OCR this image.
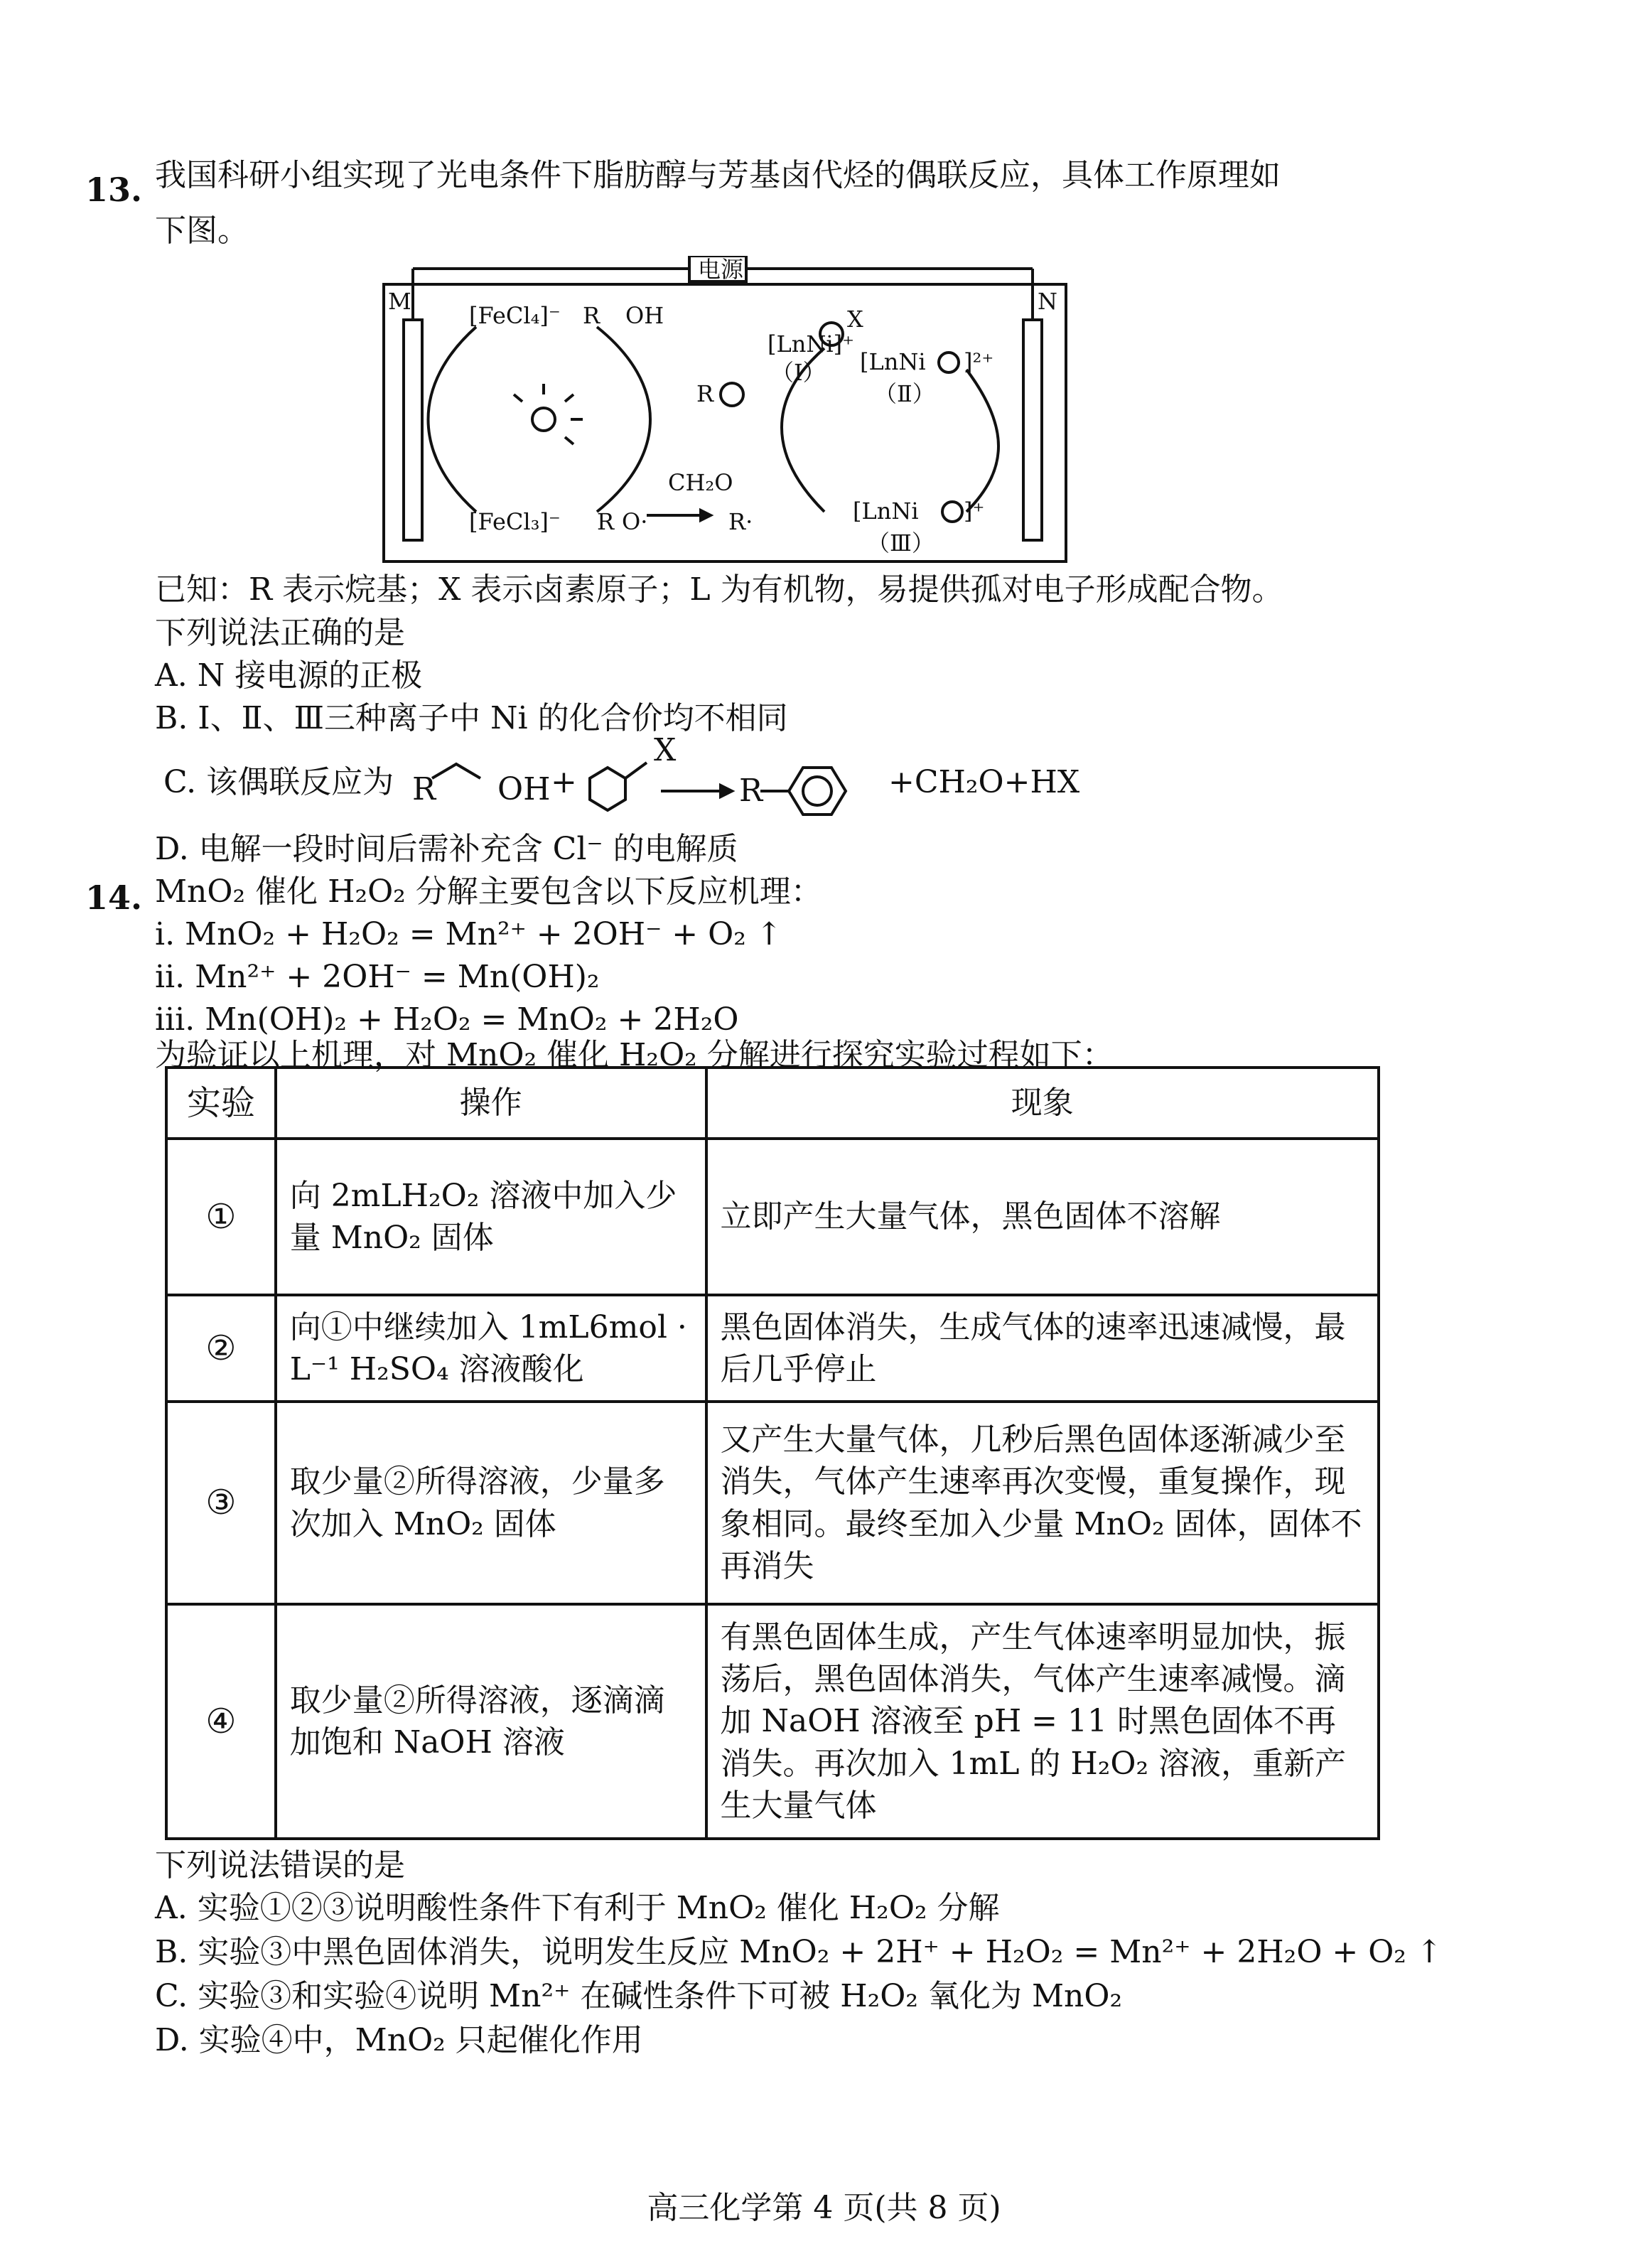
13. 我国科研小组实现了光电条件下脂肪醇与芳基卤代烃的偶联反应，具体工作原理如
下图。
电源
M	N
[FeCl₄]⁻ R OH
[FeCl₃]⁻ R O·
CH₂O
R·
R
[LnNi]⁺
（Ⅰ） [LnNi ]²⁺
（Ⅱ）
[LnNi ]⁺
（Ⅲ）
X
已知：R 表示烷基；X 表示卤素原子；L 为有机物，易提供孤对电子形成配合物。
下列说法正确的是
A. N 接电源的正极
B. Ⅰ、Ⅱ、Ⅲ三种离子中 Ni 的化合价均不相同
C. 该偶联反应为 R OH +
X
R	+CH₂O+HX
D. 电解一段时间后需补充含 Cl⁻ 的电解质
14. MnO₂ 催化 H₂O₂ 分解主要包含以下反应机理：
ⅰ. MnO₂ + H₂O₂ = Mn²⁺ + 2OH⁻ + O₂ ↑
ⅱ. Mn²⁺ + 2OH⁻ = Mn(OH)₂
ⅲ. Mn(OH)₂ + H₂O₂ = MnO₂ + 2H₂O
为验证以上机理，对 MnO₂ 催化 H₂O₂ 分解进行探究实验过程如下：
实验	操作	现象
①	向 2mLH₂O₂ 溶液中加入少量 MnO₂ 固体	立即产生大量气体，黑色固体不溶解
②	向①中继续加入 1mL6mol · L⁻¹ H₂SO₄ 溶液酸化	黑色固体消失，生成气体的速率迅速减慢，最后几乎停止
③	取少量②所得溶液，少量多次加入 MnO₂ 固体	又产生大量气体，几秒后黑色固体逐渐减少至消失，气体产生速率再次变慢，重复操作，现象相同。最终至加入少量 MnO₂ 固体，固体不再消失
④	取少量②所得溶液，逐滴滴加饱和 NaOH 溶液	有黑色固体生成，产生气体速率明显加快，振荡后，黑色固体消失，气体产生速率减慢。滴加 NaOH 溶液至 pH = 11 时黑色固体不再消失。再次加入 1mL 的 H₂O₂ 溶液，重新产生大量气体
下列说法错误的是
A. 实验①②③说明酸性条件下有利于 MnO₂ 催化 H₂O₂ 分解
B. 实验③中黑色固体消失，说明发生反应 MnO₂ + 2H⁺ + H₂O₂ = Mn²⁺ + 2H₂O + O₂ ↑
C. 实验③和实验④说明 Mn²⁺ 在碱性条件下可被 H₂O₂ 氧化为 MnO₂
D. 实验④中，MnO₂ 只起催化作用
高三化学第 4 页(共 8 页)
